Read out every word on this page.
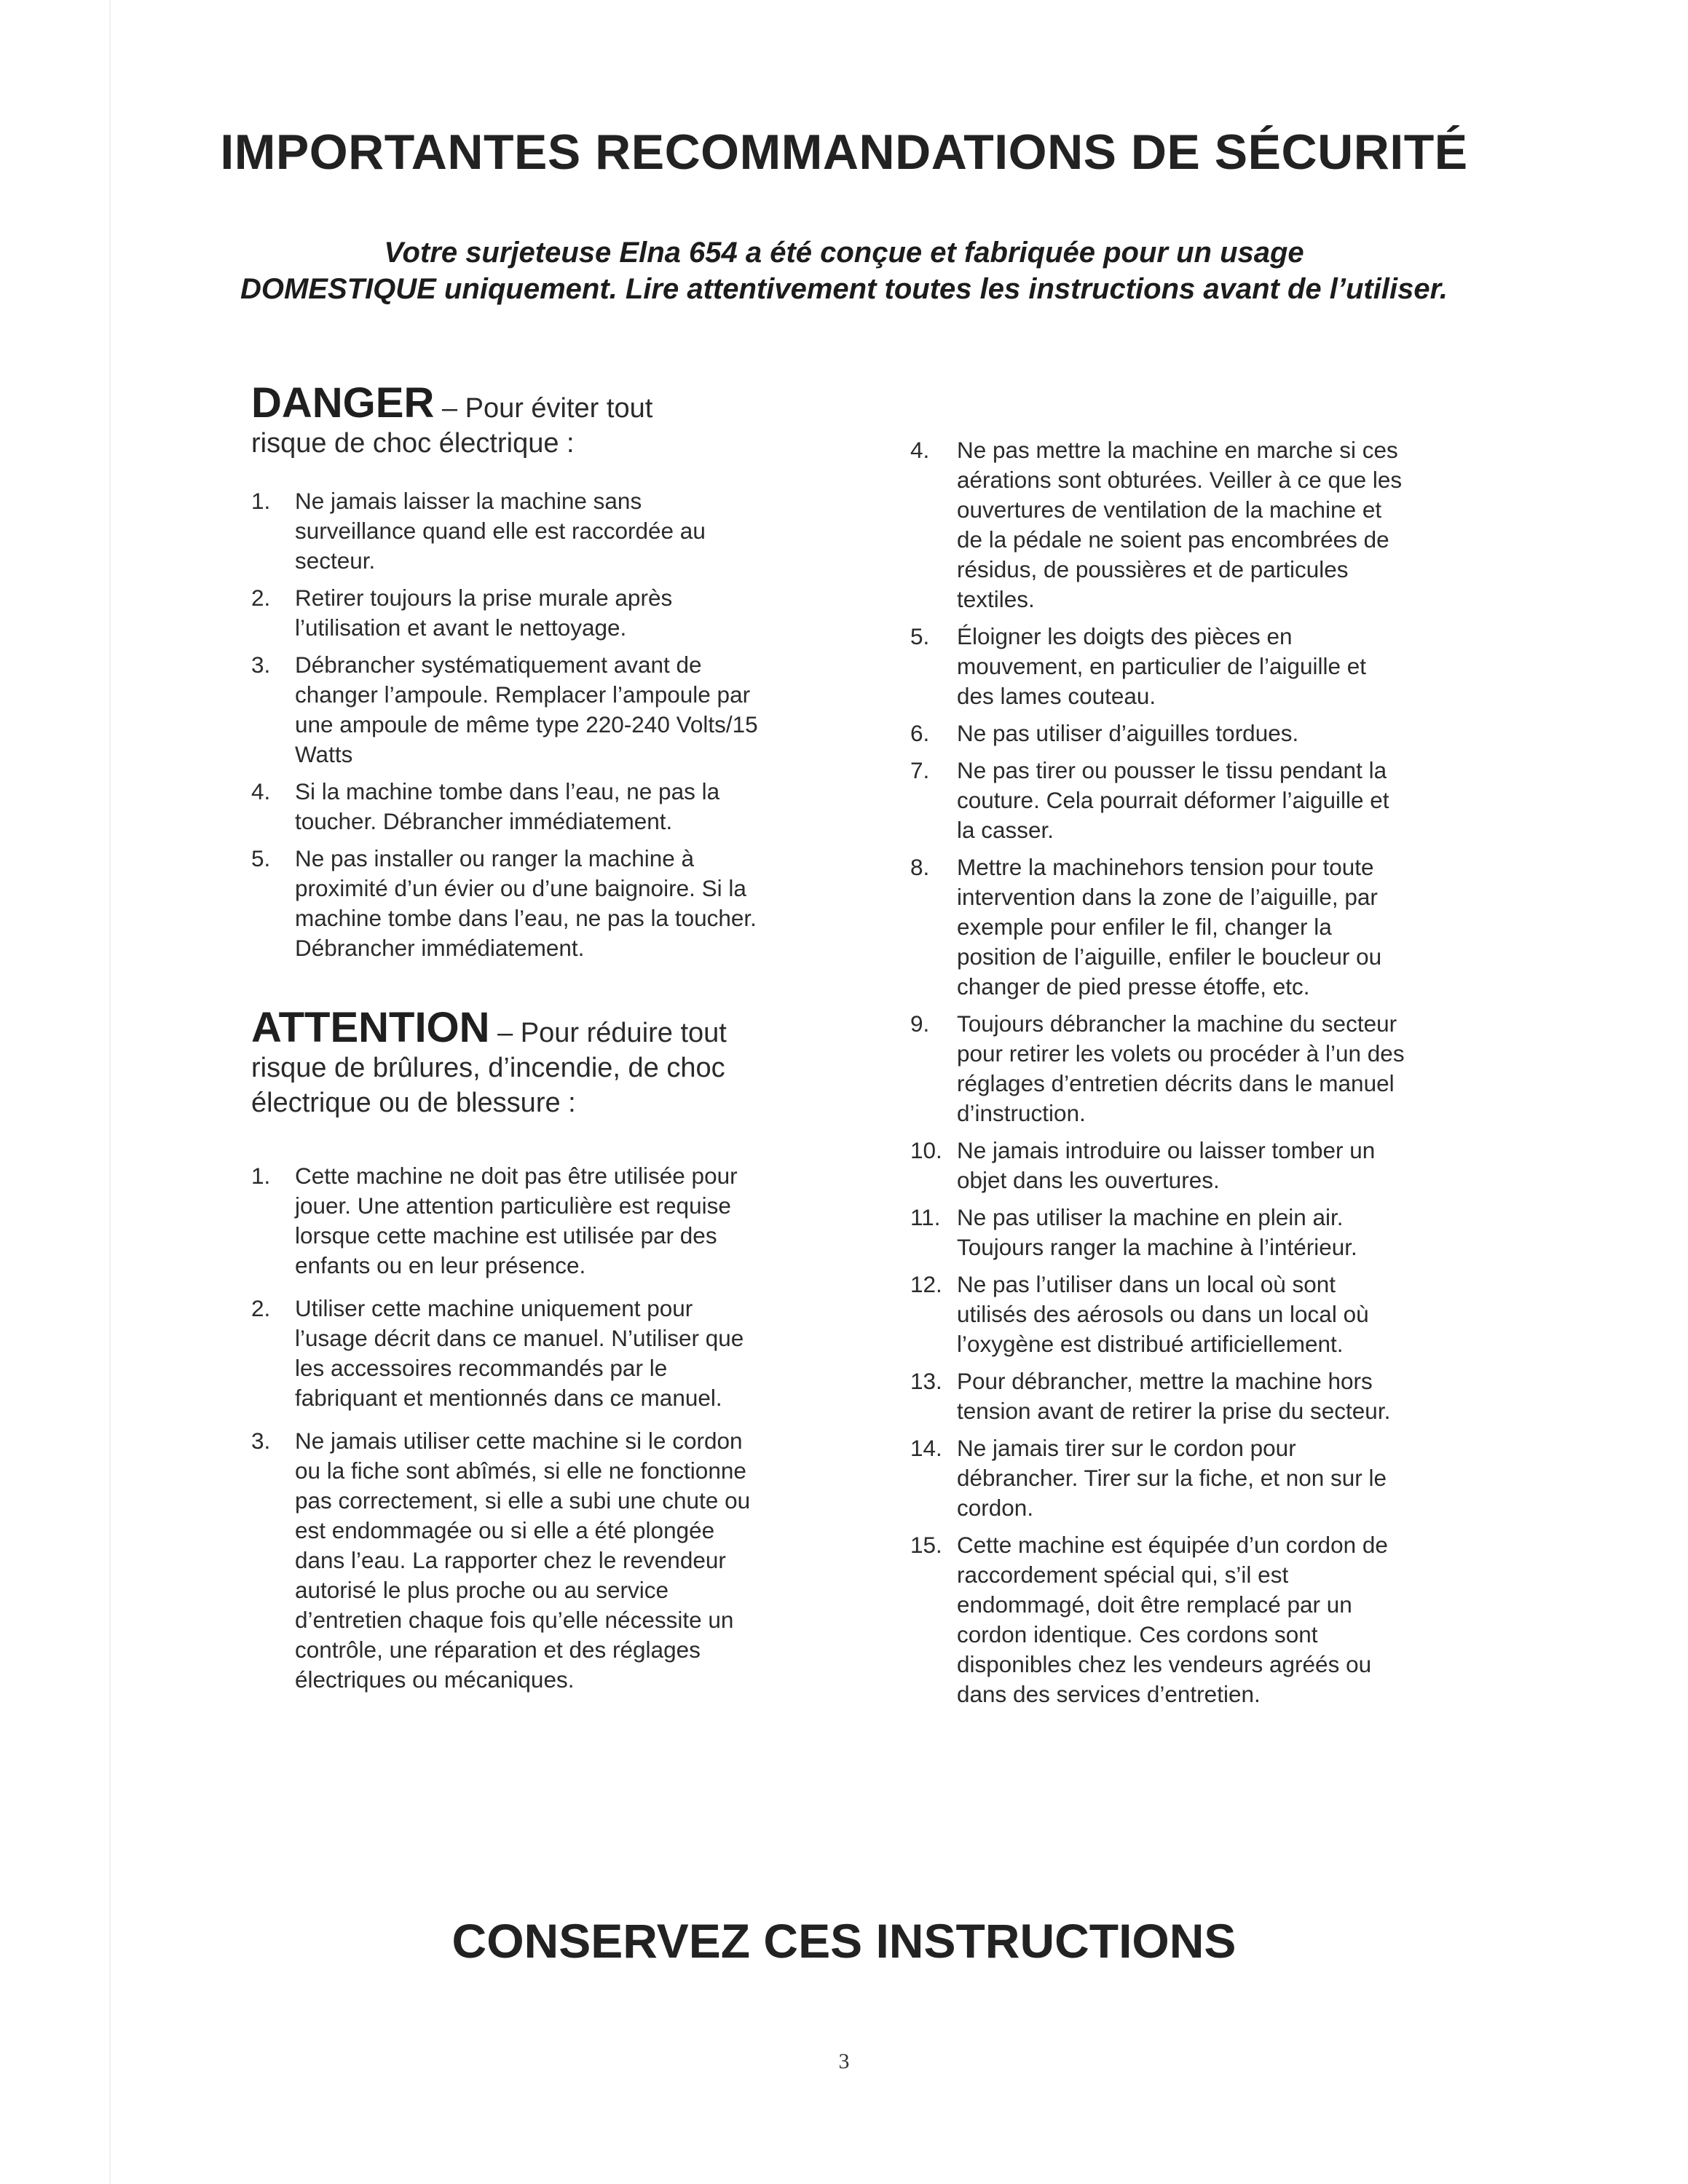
IMPORTANTES RECOMMANDATIONS DE SÉCURITÉ
Votre surjeteuse Elna 654 a été conçue et fabriquée pour un usage
DOMESTIQUE uniquement. Lire attentivement toutes les instructions avant de l’utiliser.
DANGER – Pour éviter tout
risque de choc électrique :
1. Ne jamais laisser la machine sans surveillance quand elle est raccordée au secteur.
2. Retirer toujours la prise murale après l’utilisation et avant le nettoyage.
3. Débrancher systématiquement avant de changer l’ampoule. Remplacer l’ampoule par une ampoule de même type 220-240 Volts/15 Watts
4. Si la machine tombe dans l’eau, ne pas la toucher. Débrancher immédiatement.
5. Ne pas installer ou ranger la machine à proximité d’un évier ou d’une baignoire. Si la machine tombe dans l’eau, ne pas la toucher. Débrancher immédiatement.
ATTENTION – Pour réduire tout
risque de brûlures, d’incendie, de choc
électrique ou de blessure :
1. Cette machine ne doit pas être utilisée pour jouer. Une attention particulière est requise lorsque cette machine est utilisée par des enfants ou en leur présence.
2. Utiliser cette machine uniquement pour l’usage décrit dans ce manuel. N’utiliser que les accessoires recommandés par le fabriquant et mentionnés dans ce manuel.
3. Ne jamais utiliser cette machine si le cordon ou la fiche sont abîmés, si elle ne fonctionne pas correctement, si elle a subi une chute ou est endommagée ou si elle a été plongée dans l’eau. La rapporter chez le revendeur autorisé le plus proche ou au service d’entretien chaque fois qu’elle nécessite un contrôle, une réparation et des réglages électriques ou mécaniques.
4. Ne pas mettre la machine en marche si ces aérations sont obturées. Veiller à ce que les ouvertures de ventilation de la machine et de la pédale ne soient pas encombrées de résidus, de poussières et de particules textiles.
5. Éloigner les doigts des pièces en mouvement, en particulier de l’aiguille et des lames couteau.
6. Ne pas utiliser d’aiguilles tordues.
7. Ne pas tirer ou pousser le tissu pendant la couture. Cela pourrait déformer l’aiguille et la casser.
8. Mettre la machinehors tension pour toute intervention dans la zone de l’aiguille, par exemple pour enfiler le fil, changer la position de l’aiguille, enfiler le boucleur ou changer de pied presse étoffe, etc.
9. Toujours débrancher la machine du secteur pour retirer les volets ou procéder à l’un des réglages d’entretien décrits dans le manuel d’instruction.
10. Ne jamais introduire ou laisser tomber un objet dans les ouvertures.
11. Ne pas utiliser la machine en plein air. Toujours ranger la machine à l’intérieur.
12. Ne pas l’utiliser dans un local où sont utilisés des aérosols ou dans un local où l’oxygène est distribué artificiellement.
13. Pour débrancher, mettre la machine hors tension avant de retirer la prise du secteur.
14. Ne jamais tirer sur le cordon pour débrancher. Tirer sur la fiche, et non sur le cordon.
15. Cette machine est équipée d’un cordon de raccordement spécial qui, s’il est endommagé, doit être remplacé par un cordon identique. Ces cordons sont disponibles chez les vendeurs agréés ou dans des services d’entretien.
CONSERVEZ CES INSTRUCTIONS
3
